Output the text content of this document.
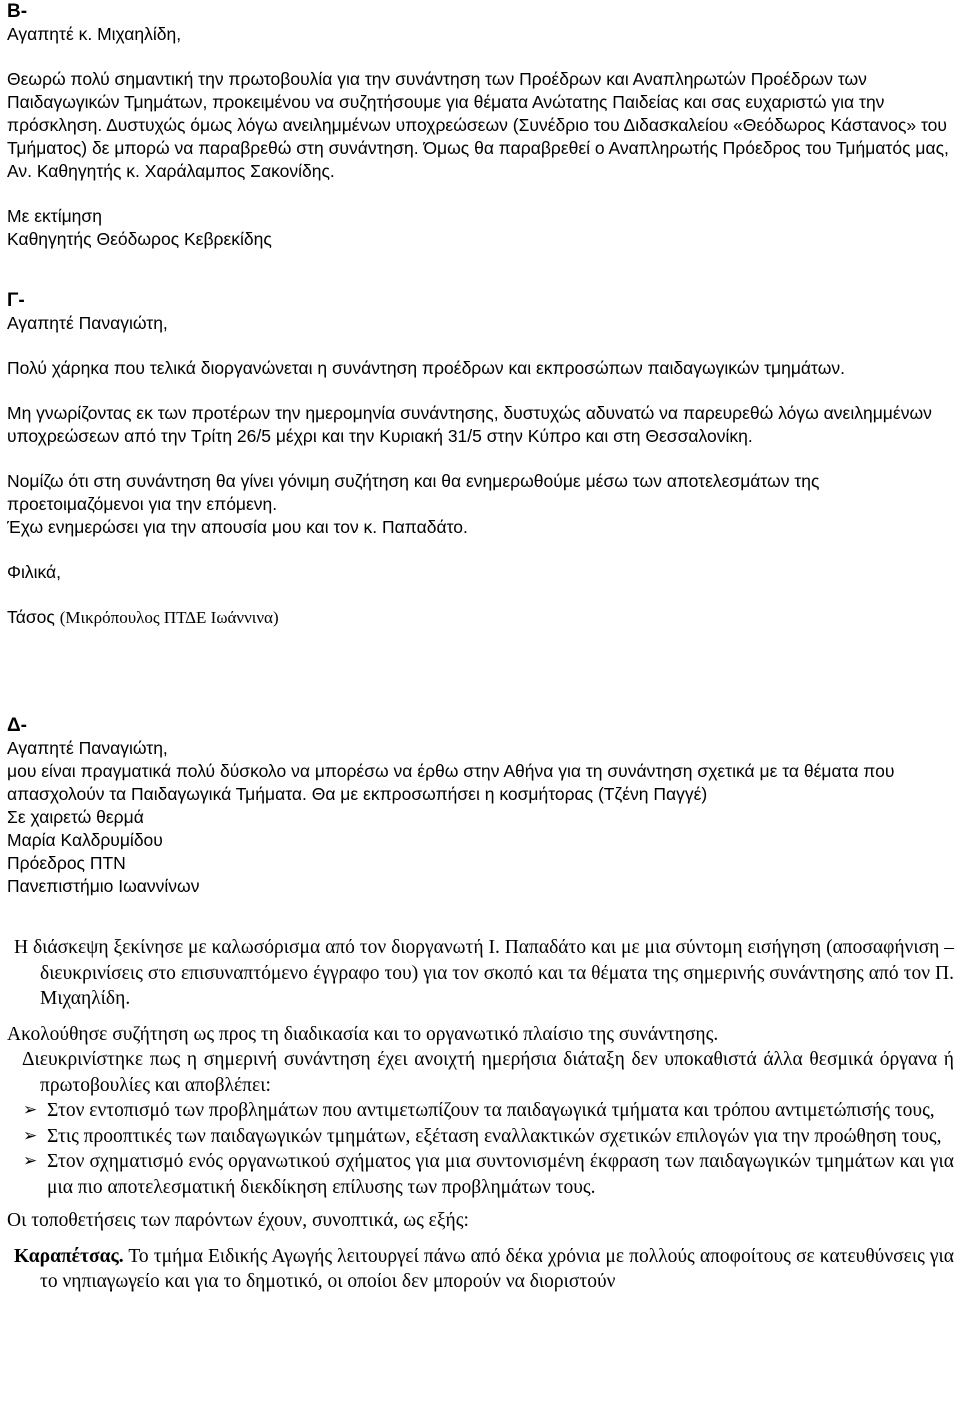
Β-

Αγαπητέ κ. Μιχαηλίδη,

Θεωρώ πολύ σημαντική την πρωτοβουλία για την συνάντηση των Προέδρων και Αναπληρωτών Προέδρων των Παιδαγωγικών Τμημάτων, προκειμένου να συζητήσουμε για θέματα Ανώτατης Παιδείας και σας ευχαριστώ για την πρόσκληση. Δυστυχώς όμως λόγω ανειλημμένων υποχρεώσεων (Συνέδριο του Διδασκαλείου «Θεόδωρος Κάστανος» του Τμήματος) δε μπορώ να παραβρεθώ στη συνάντηση. Όμως θα παραβρεθεί ο Αναπληρωτής Πρόεδρος του Τμήματός μας, Αν. Καθηγητής κ. Χαράλαμπος Σακονίδης.

Με εκτίμηση

Καθηγητής Θεόδωρος Κεβρεκίδης

Γ-

Αγαπητέ Παναγιώτη,

Πολύ χάρηκα που τελικά διοργανώνεται η συνάντηση προέδρων και εκπροσώπων παιδαγωγικών τμημάτων.

Μη γνωρίζοντας εκ των προτέρων την ημερομηνία συνάντησης, δυστυχώς αδυνατώ να παρευρεθώ λόγω ανειλημμένων υποχρεώσεων από την Τρίτη 26/5 μέχρι και την Κυριακή 31/5 στην Κύπρο και στη Θεσσαλονίκη.

Νομίζω ότι στη συνάντηση θα γίνει γόνιμη συζήτηση και θα ενημερωθούμε μέσω των αποτελεσμάτων της προετοιμαζόμενοι για την επόμενη.

Έχω ενημερώσει για την απουσία μου και τον κ. Παπαδάτο.

Φιλικά,

Τάσος (Μικρόπουλος ΠΤΔΕ Ιωάννινα)

Δ-

Αγαπητέ Παναγιώτη,

μου είναι πραγματικά πολύ δύσκολο να μπορέσω να έρθω στην Αθήνα για τη συνάντηση σχετικά με τα θέματα που απασχολούν τα Παιδαγωγικά Τμήματα. Θα με εκπροσωπήσει η κοσμήτορας (Τζένη Παγγέ)

Σε χαιρετώ θερμά

Μαρία Καλδρυμίδου

Πρόεδρος ΠΤΝ

Πανεπιστήμιο Ιωαννίνων

Η διάσκεψη ξεκίνησε με καλωσόρισμα από τον διοργανωτή Ι. Παπαδάτο και με μια σύντομη εισήγηση (αποσαφήνιση – διευκρινίσεις στο επισυναπτόμενο έγγραφο του) για τον σκοπό και τα θέματα της σημερινής συνάντησης από τον Π. Μιχαηλίδη.

Ακολούθησε συζήτηση ως προς τη διαδικασία και το οργανωτικό πλαίσιο της συνάντησης.

Διευκρινίστηκε πως η σημερινή συνάντηση έχει ανοιχτή ημερήσια διάταξη δεν υποκαθιστά άλλα θεσμικά όργανα ή πρωτοβουλίες και αποβλέπει:

➢ Στον εντοπισμό των προβλημάτων που αντιμετωπίζουν τα παιδαγωγικά τμήματα και τρόπου αντιμετώπισής τους,
➢ Στις προοπτικές των παιδαγωγικών τμημάτων, εξέταση εναλλακτικών σχετικών επιλογών για την προώθηση τους,
➢ Στον σχηματισμό ενός οργανωτικού σχήματος για μια συντονισμένη έκφραση των παιδαγωγικών τμημάτων και για μια πιο αποτελεσματική διεκδίκηση επίλυσης των προβλημάτων τους.

Οι τοποθετήσεις των παρόντων έχουν, συνοπτικά, ως εξής:

Καραπέτσας. Το τμήμα Ειδικής Αγωγής λειτουργεί πάνω από δέκα χρόνια με πολλούς αποφοίτους σε κατευθύνσεις για το νηπιαγωγείο και για το δημοτικό, οι οποίοι δεν μπορούν να διοριστούν
